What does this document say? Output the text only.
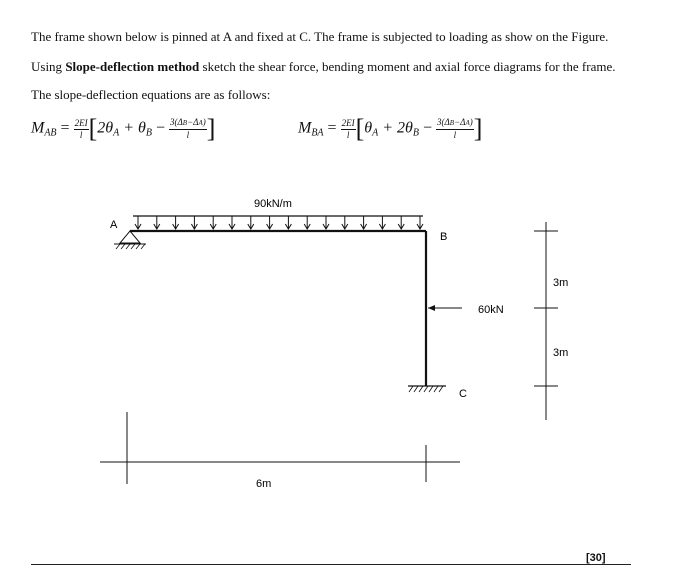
The frame shown below is pinned at A and fixed at C. The frame is subjected to loading as show on the Figure.
Using Slope-deflection method sketch the shear force, bending moment and axial force diagrams for the frame.
The slope-deflection equations are as follows:
$M_{AB} = \frac{2EI}{l} [2\theta_A + \theta_B - \frac{3(\Delta B-\Delta A)}{l}$ ]	$M_{BA} = \frac{2EI}{l} [\theta_A + 2\theta_B - \frac{3(\Delta B-\Delta A)}{l}$ ]
90kN/m
A
B
C
60kN
3m
3m
6m
[30]
